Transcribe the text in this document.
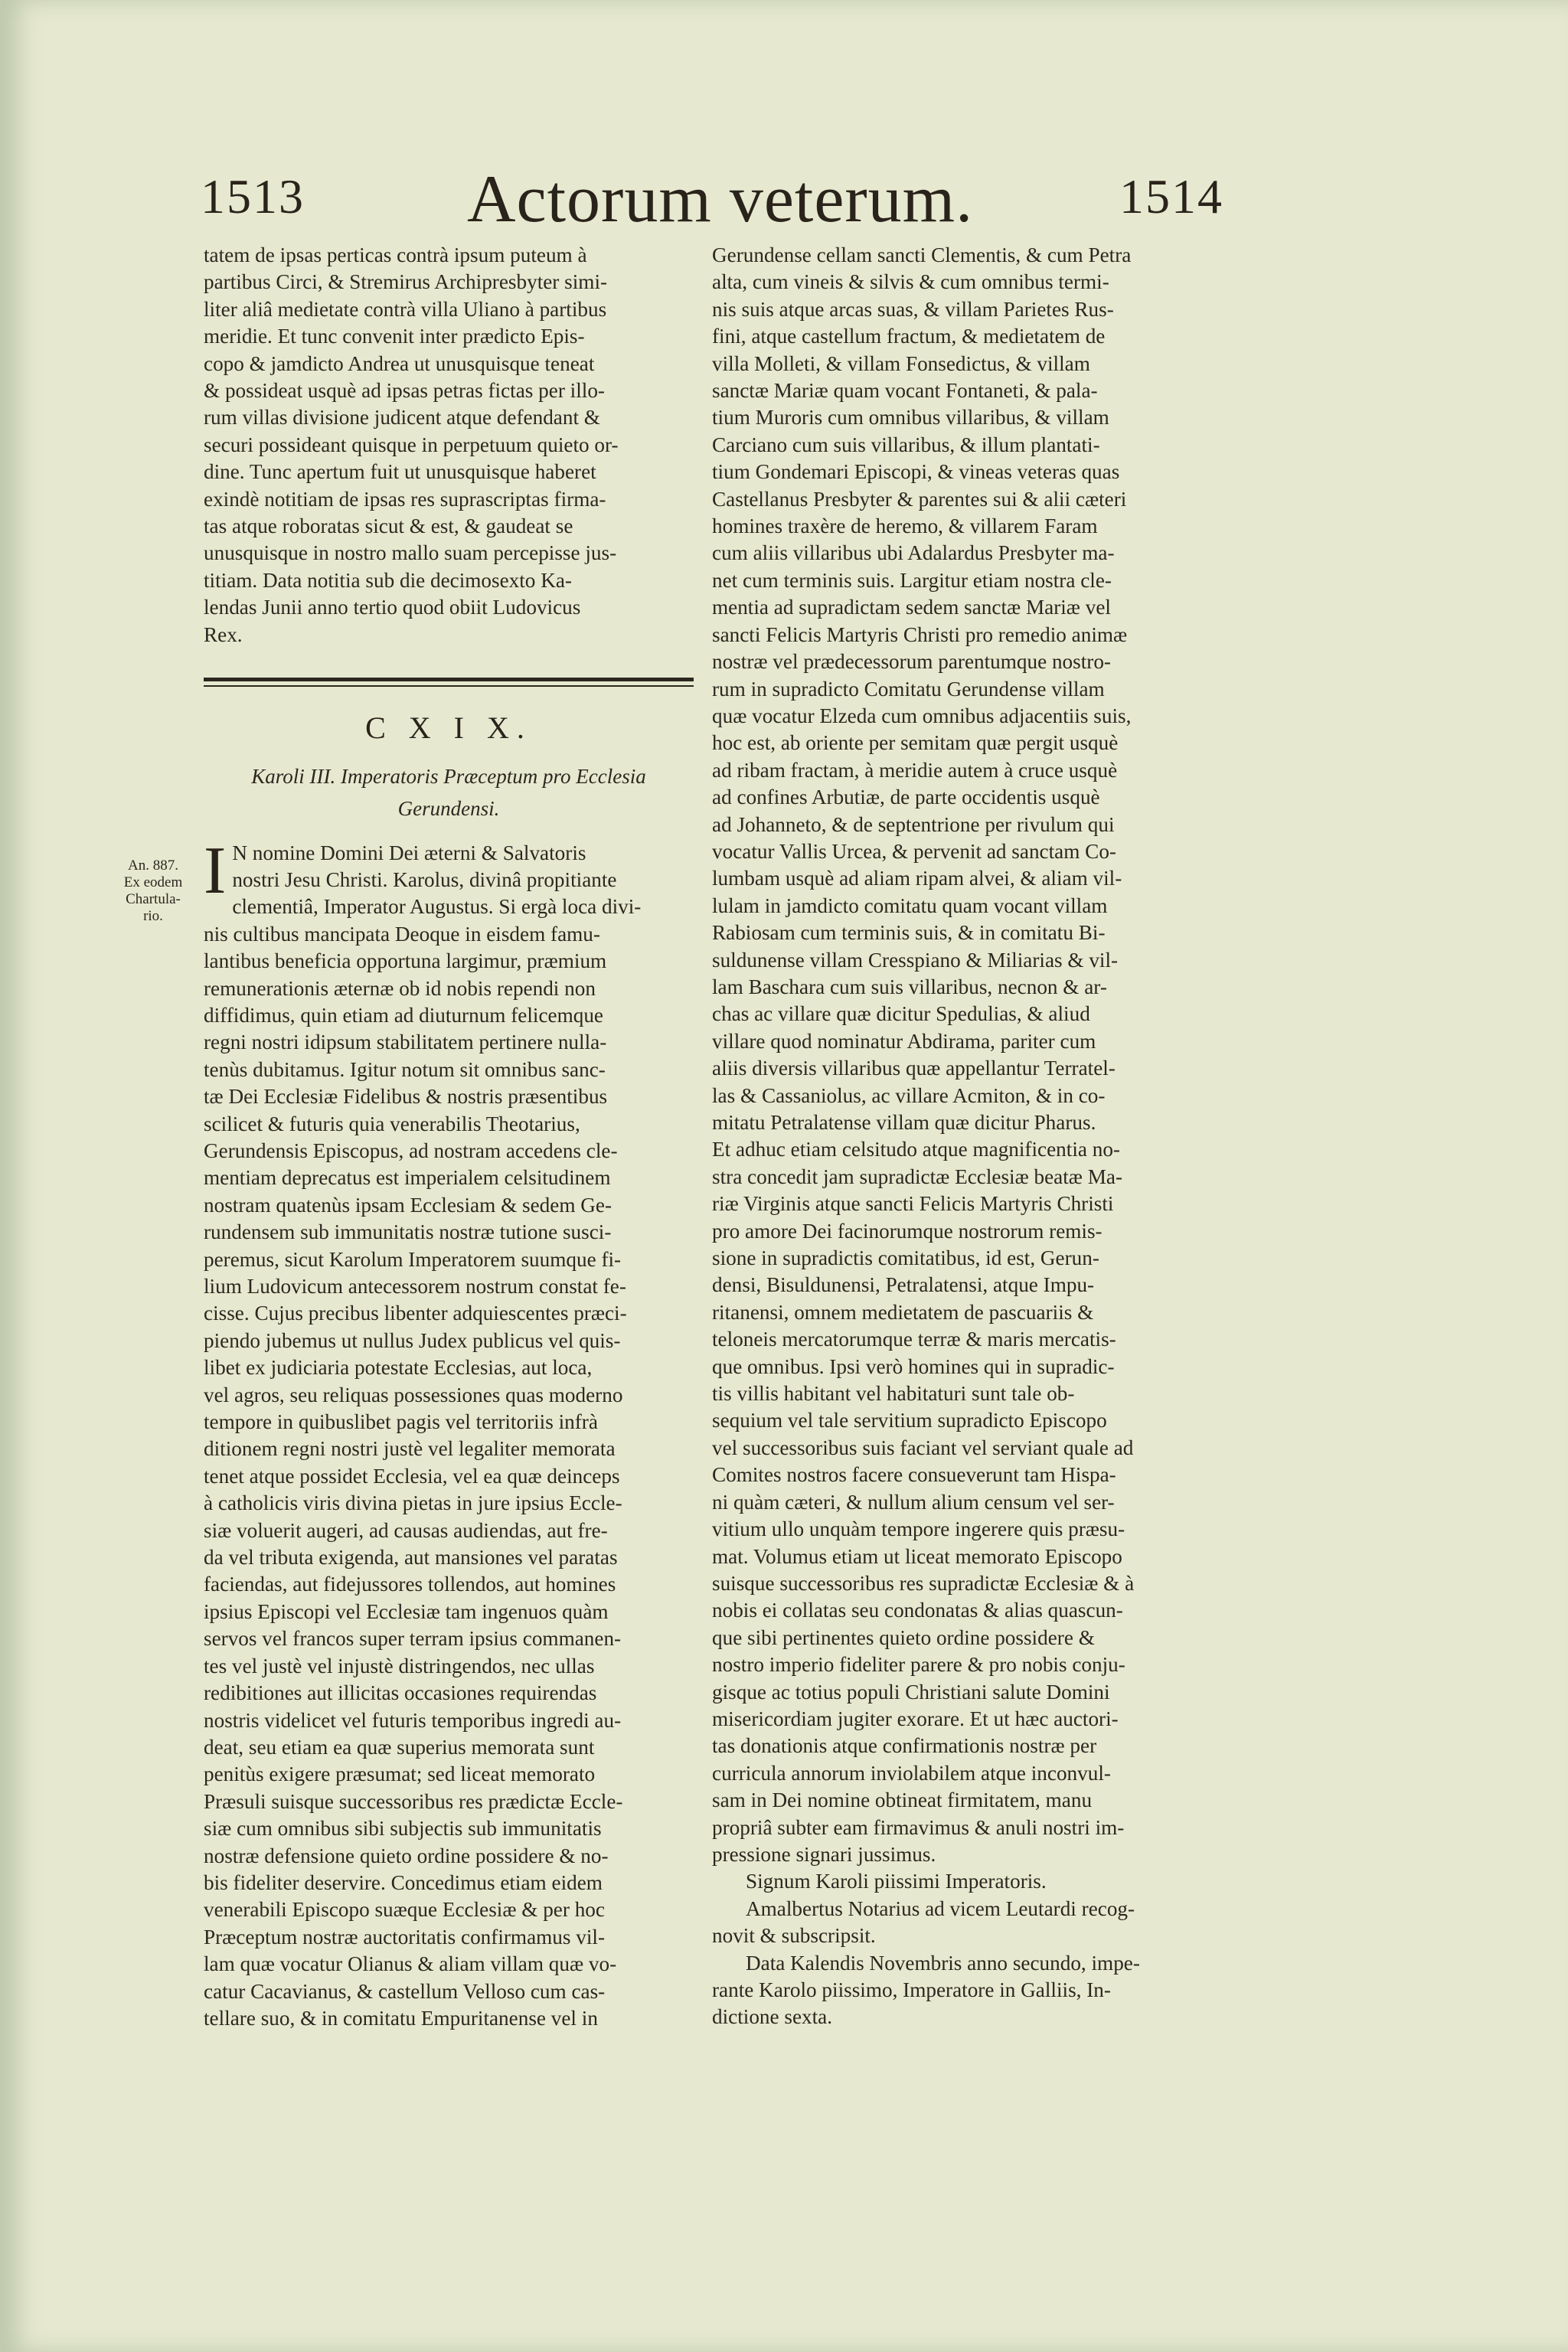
1513 Actorum veterum.	1514
An. 887.
Ex eodem
Chartula-
rio.

tatem de ipsas perticas contrà ipsum puteum à
partibus Circi, & Stremirus Archipresbyter simi-
liter aliâ medietate contrà villa Uliano à partibus
meridie. Et tunc convenit inter prædicto Epis-
copo & jamdicto Andrea ut unusquisque teneat
& possideat usquè ad ipsas petras fictas per illo-
rum villas divisione judicent atque defendant &
securi possideant quisque in perpetuum quieto or-
dine. Tunc apertum fuit ut unusquisque haberet
exindè notitiam de ipsas res suprascriptas firma-
tas atque roboratas sicut & est, & gaudeat se
unusquisque in nostro mallo suam percepisse jus-
titiam. Data notitia sub die decimosexto Ka-
lendas Junii anno tertio quod obiit Ludovicus
Rex.

C X I X.
Karoli III. Imperatoris Præceptum pro Ecclesia
Gerundensi.
I N nomine Domini Dei æterni & Salvatoris
nostri Jesu Christi. Karolus, divinâ propitiante
clementiâ, Imperator Augustus. Si ergà loca divi-
nis cultibus mancipata Deoque in eisdem famu-
lantibus beneficia opportuna largimur, præmium
remunerationis æternæ ob id nobis rependi non
diffidimus, quin etiam ad diuturnum felicemque
regni nostri idipsum stabilitatem pertinere nulla-
tenùs dubitamus. Igitur notum sit omnibus sanc-
tæ Dei Ecclesiæ Fidelibus & nostris præsentibus
scilicet & futuris quia venerabilis Theotarius,
Gerundensis Episcopus, ad nostram accedens cle-
mentiam deprecatus est imperialem celsitudinem
nostram quatenùs ipsam Ecclesiam & sedem Ge-
rundensem sub immunitatis nostræ tutione susci-
peremus, sicut Karolum Imperatorem suumque fi-
lium Ludovicum antecessorem nostrum constat fe-
cisse. Cujus precibus libenter adquiescentes præci-
piendo jubemus ut nullus Judex publicus vel quis-
libet ex judiciaria potestate Ecclesias, aut loca,
vel agros, seu reliquas possessiones quas moderno
tempore in quibuslibet pagis vel territoriis infrà
ditionem regni nostri justè vel legaliter memorata
tenet atque possidet Ecclesia, vel ea quæ deinceps
à catholicis viris divina pietas in jure ipsius Eccle-
siæ voluerit augeri, ad causas audiendas, aut fre-
da vel tributa exigenda, aut mansiones vel paratas
faciendas, aut fidejussores tollendos, aut homines
ipsius Episcopi vel Ecclesiæ tam ingenuos quàm
servos vel francos super terram ipsius commanen-
tes vel justè vel injustè distringendos, nec ullas
redibitiones aut illicitas occasiones requirendas
nostris videlicet vel futuris temporibus ingredi au-
deat, seu etiam ea quæ superius memorata sunt
penitùs exigere præsumat; sed liceat memorato
Præsuli suisque successoribus res prædictæ Eccle-
siæ cum omnibus sibi subjectis sub immunitatis
nostræ defensione quieto ordine possidere & no-
bis fideliter deservire. Concedimus etiam eidem
venerabili Episcopo suæque Ecclesiæ & per hoc
Præceptum nostræ auctoritatis confirmamus vil-
lam quæ vocatur Olianus & aliam villam quæ vo-
catur Cacavianus, & castellum Velloso cum cas-
tellare suo, & in comitatu Empuritanense vel in

Gerundense cellam sancti Clementis, & cum Petra
alta, cum vineis & silvis & cum omnibus termi-
nis suis atque arcas suas, & villam Parietes Rus-
fini, atque castellum fractum, & medietatem de
villa Molleti, & villam Fonsedictus, & villam
sanctæ Mariæ quam vocant Fontaneti, & pala-
tium Muroris cum omnibus villaribus, & villam
Carciano cum suis villaribus, & illum plantati-
tium Gondemari Episcopi, & vineas veteras quas
Castellanus Presbyter & parentes sui & alii cæteri
homines traxère de heremo, & villarem Faram
cum aliis villaribus ubi Adalardus Presbyter ma-
net cum terminis suis. Largitur etiam nostra cle-
mentia ad supradictam sedem sanctæ Mariæ vel
sancti Felicis Martyris Christi pro remedio animæ
nostræ vel prædecessorum parentumque nostro-
rum in supradicto Comitatu Gerundense villam
quæ vocatur Elzeda cum omnibus adjacentiis suis,
hoc est, ab oriente per semitam quæ pergit usquè
ad ribam fractam, à meridie autem à cruce usquè
ad confines Arbutiæ, de parte occidentis usquè
ad Johanneto, & de septentrione per rivulum qui
vocatur Vallis Urcea, & pervenit ad sanctam Co-
lumbam usquè ad aliam ripam alvei, & aliam vil-
lulam in jamdicto comitatu quam vocant villam
Rabiosam cum terminis suis, & in comitatu Bi-
suldunense villam Cresspiano & Miliarias & vil-
lam Baschara cum suis villaribus, necnon & ar-
chas ac villare quæ dicitur Spedulias, & aliud
villare quod nominatur Abdirama, pariter cum
aliis diversis villaribus quæ appellantur Terratel-
las & Cassaniolus, ac villare Acmiton, & in co-
mitatu Petralatense villam quæ dicitur Pharus.
Et adhuc etiam celsitudo atque magnificentia no-
stra concedit jam supradictæ Ecclesiæ beatæ Ma-
riæ Virginis atque sancti Felicis Martyris Christi
pro amore Dei facinorumque nostrorum remis-
sione in supradictis comitatibus, id est, Gerun-
densi, Bisuldunensi, Petralatensi, atque Impu-
ritanensi, omnem medietatem de pascuariis &
teloneis mercatorumque terræ & maris mercatis-
que omnibus. Ipsi verò homines qui in supradic-
tis villis habitant vel habitaturi sunt tale ob-
sequium vel tale servitium supradicto Episcopo
vel successoribus suis faciant vel serviant quale ad
Comites nostros facere consueverunt tam Hispa-
ni quàm cæteri, & nullum alium censum vel ser-
vitium ullo unquàm tempore ingerere quis præsu-
mat. Volumus etiam ut liceat memorato Episcopo
suisque successoribus res supradictæ Ecclesiæ & à
nobis ei collatas seu condonatas & alias quascun-
que sibi pertinentes quieto ordine possidere &
nostro imperio fideliter parere & pro nobis conju-
gisque ac totius populi Christiani salute Domini
misericordiam jugiter exorare. Et ut hæc auctori-
tas donationis atque confirmationis nostræ per
curricula annorum inviolabilem atque inconvul-
sam in Dei nomine obtineat firmitatem, manu
propriâ subter eam firmavimus & anuli nostri im-
pressione signari jussimus.

Signum Karoli piissimi Imperatoris.

Amalbertus Notarius ad vicem Leutardi recog-
novit & subscripsit.

Data Kalendis Novembris anno secundo, impe-
rante Karolo piissimo, Imperatore in Galliis, In-
dictione sexta.
